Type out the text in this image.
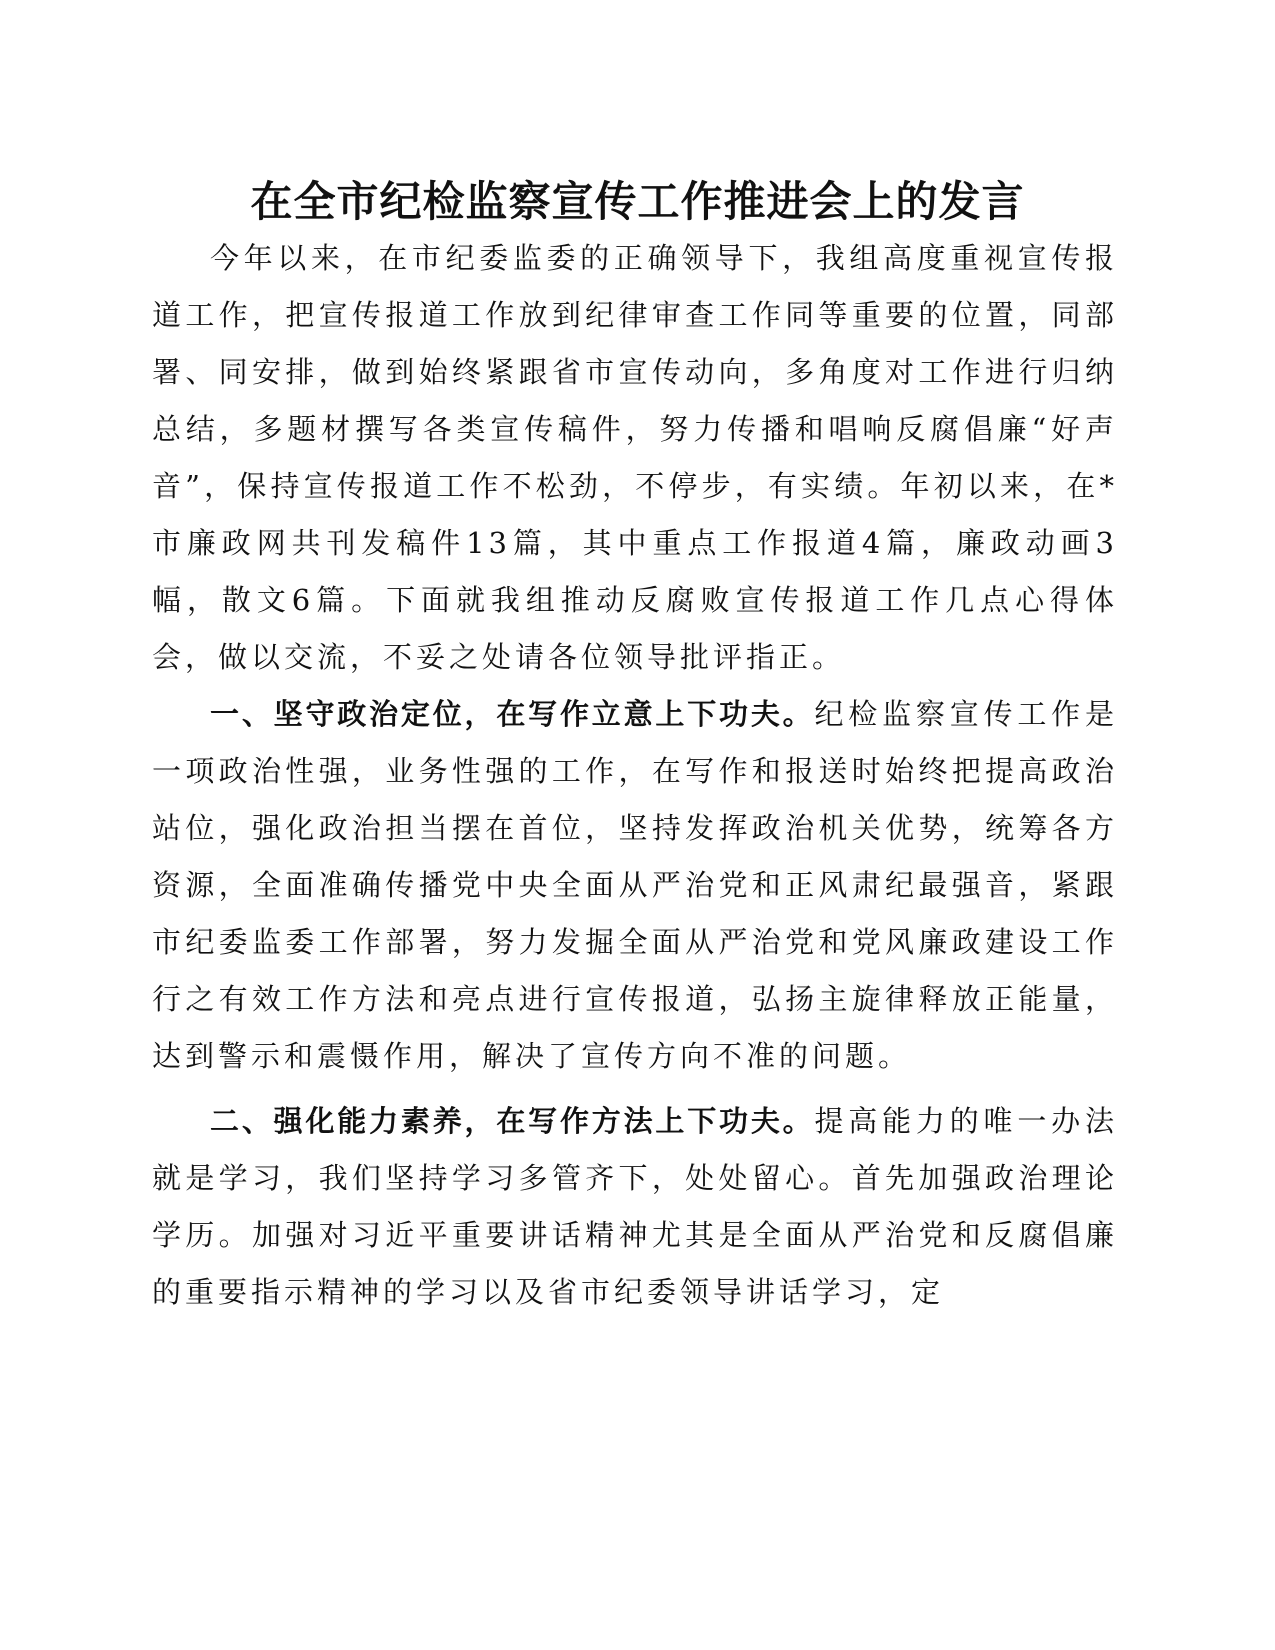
在全市纪检监察宣传工作推进会上的发言

今年以来，在市纪委监委的正确领导下，我组高度重视宣传报道工作，把宣传报道工作放到纪律审查工作同等重要的位置，同部署、同安排，做到始终紧跟省市宣传动向，多角度对工作进行归纳总结，多题材撰写各类宣传稿件，努力传播和唱响反腐倡廉“好声音”，保持宣传报道工作不松劲，不停步，有实绩。年初以来，在*市廉政网共刊发稿件13篇，其中重点工作报道4篇，廉政动画3幅，散文6篇。下面就我组推动反腐败宣传报道工作几点心得体会，做以交流，不妥之处请各位领导批评指正。

一、坚守政治定位，在写作立意上下功夫。纪检监察宣传工作是一项政治性强，业务性强的工作，在写作和报送时始终把提高政治站位，强化政治担当摆在首位，坚持发挥政治机关优势，统筹各方资源，全面准确传播党中央全面从严治党和正风肃纪最强音，紧跟市纪委监委工作部署，努力发掘全面从严治党和党风廉政建设工作行之有效工作方法和亮点进行宣传报道，弘扬主旋律释放正能量，达到警示和震慑作用，解决了宣传方向不准的问题。

二、强化能力素养，在写作方法上下功夫。提高能力的唯一办法就是学习，我们坚持学习多管齐下，处处留心。首先加强政治理论学历。加强对习近平重要讲话精神尤其是全面从严治党和反腐倡廉的重要指示精神的学习以及省市纪委领导讲话学习，定
